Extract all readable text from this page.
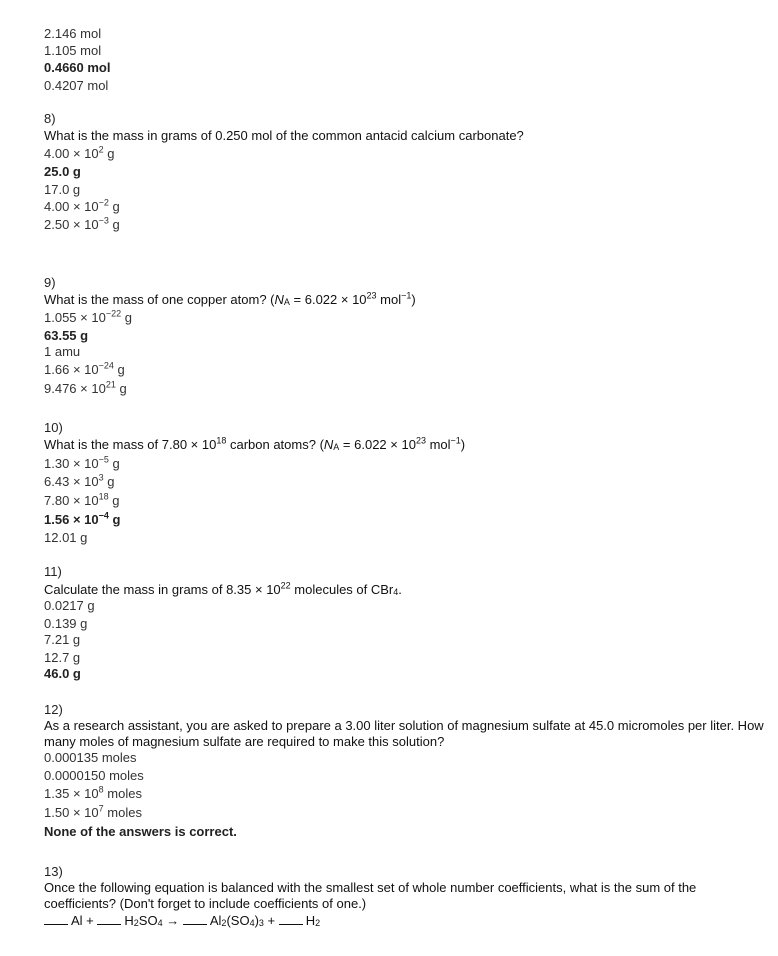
2.146 mol
1.105 mol
0.4660 mol
0.4207 mol
8)
What is the mass in grams of 0.250 mol of the common antacid calcium carbonate?
$4.00 \times 10^2$ g
25.0 g
17.0 g
$4.00 \times 10^{-2}$ g
$2.50 \times 10^{-3}$ g
9)
What is the mass of one copper atom? ($N_A = 6.022 \times 10^{23}$ mol$^{-1}$)
$1.055 \times 10^{-22}$ g
63.55 g
1 amu
$1.66 \times 10^{-24}$ g
$9.476 \times 10^{21}$ g
10)
What is the mass of $7.80 \times 10^{18}$ carbon atoms? ($N_A = 6.022 \times 10^{23}$ mol$^{-1}$)
$1.30 \times 10^{-5}$ g
$6.43 \times 10^3$ g
$7.80 \times 10^{18}$ g
$1.56 \times 10^{-4}$ g
12.01 g
11)
Calculate the mass in grams of $8.35 \times 10^{22}$ molecules of CBr$_4$.
0.0217 g
0.139 g
7.21 g
12.7 g
46.0 g
12)
As a research assistant, you are asked to prepare a 3.00 liter solution of magnesium sulfate at 45.0 micromoles per liter. How many moles of magnesium sulfate are required to make this solution?
0.000135 moles
0.0000150 moles
$1.35 \times 10^8$ moles
$1.50 \times 10^7$ moles
None of the answers is correct.
13)
Once the following equation is balanced with the smallest set of whole number coefficients, what is the sum of the coefficients? (Don't forget to include coefficients of one.)
$Al + H_2SO_4 \to Al_2(SO_4)_3 + H_2$
